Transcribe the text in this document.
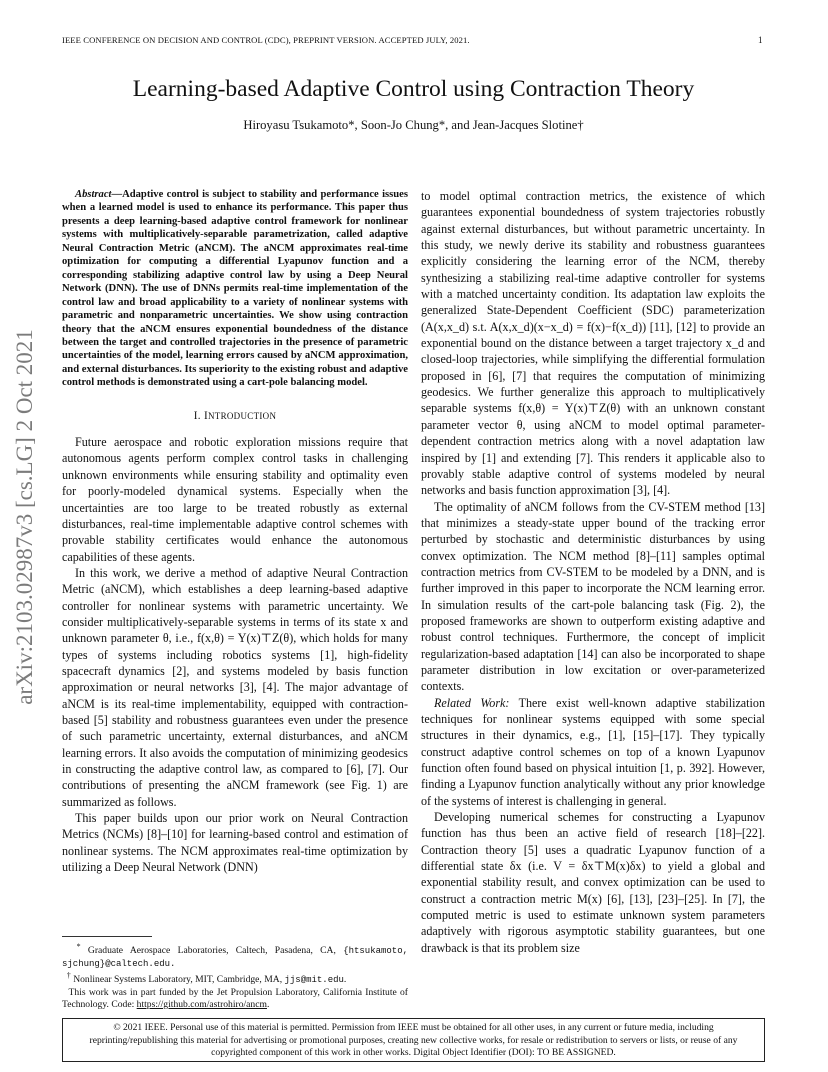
IEEE CONFERENCE ON DECISION AND CONTROL (CDC), PREPRINT VERSION. ACCEPTED JULY, 2021.	1
arXiv:2103.02987v3 [cs.LG] 2 Oct 2021
Learning-based Adaptive Control using Contraction Theory
Hiroyasu Tsukamoto*, Soon-Jo Chung*, and Jean-Jacques Slotine†

Abstract—Adaptive control is subject to stability and performance issues when a learned model is used to enhance its performance. This paper thus presents a deep learning-based adaptive control framework for nonlinear systems with multiplicatively-separable parametrization, called adaptive Neural Contraction Metric (aNCM). The aNCM approximates real-time optimization for computing a differential Lyapunov function and a corresponding stabilizing adaptive control law by using a Deep Neural Network (DNN). The use of DNNs permits real-time implementation of the control law and broad applicability to a variety of nonlinear systems with parametric and nonparametric uncertainties. We show using contraction theory that the aNCM ensures exponential boundedness of the distance between the target and controlled trajectories in the presence of parametric uncertainties of the model, learning errors caused by aNCM approximation, and external disturbances. Its superiority to the existing robust and adaptive control methods is demonstrated using a cart-pole balancing model.

I. INTRODUCTION

Future aerospace and robotic exploration missions require that autonomous agents perform complex control tasks in challenging unknown environments while ensuring stability and optimality even for poorly-modeled dynamical systems. Especially when the uncertainties are too large to be treated robustly as external disturbances, real-time implementable adaptive control schemes with provable stability certificates would enhance the autonomous capabilities of these agents.

In this work, we derive a method of adaptive Neural Contraction Metric (aNCM), which establishes a deep learning-based adaptive controller for nonlinear systems with parametric uncertainty. We consider multiplicatively-separable systems in terms of its state x and unknown parameter θ, i.e., f(x,θ) = Y(x)⊤Z(θ), which holds for many types of systems including robotics systems [1], high-fidelity spacecraft dynamics [2], and systems modeled by basis function approximation or neural networks [3], [4]. The major advantage of aNCM is its real-time implementability, equipped with contraction-based [5] stability and robustness guarantees even under the presence of such parametric uncertainty, external disturbances, and aNCM learning errors. It also avoids the computation of minimizing geodesics in constructing the adaptive control law, as compared to [6], [7]. Our contributions of presenting the aNCM framework (see Fig. 1) are summarized as follows.

This paper builds upon our prior work on Neural Contraction Metrics (NCMs) [8]–[10] for learning-based control and estimation of nonlinear systems. The NCM approximates real-time optimization by utilizing a Deep Neural Network (DNN)

* Graduate Aerospace Laboratories, Caltech, Pasadena, CA, {htsukamoto, sjchung}@caltech.edu.

† Nonlinear Systems Laboratory, MIT, Cambridge, MA, jjs@mit.edu.

This work was in part funded by the Jet Propulsion Laboratory, California Institute of Technology. Code: https://github.com/astrohiro/ancm.

to model optimal contraction metrics, the existence of which guarantees exponential boundedness of system trajectories robustly against external disturbances, but without parametric uncertainty. In this study, we newly derive its stability and robustness guarantees explicitly considering the learning error of the NCM, thereby synthesizing a stabilizing real-time adaptive controller for systems with a matched uncertainty condition. Its adaptation law exploits the generalized State-Dependent Coefficient (SDC) parameterization (A(x,x_d) s.t. A(x,x_d)(x−x_d) = f(x)−f(x_d)) [11], [12] to provide an exponential bound on the distance between a target trajectory x_d and closed-loop trajectories, while simplifying the differential formulation proposed in [6], [7] that requires the computation of minimizing geodesics. We further generalize this approach to multiplicatively separable systems f(x,θ) = Y(x)⊤Z(θ) with an unknown constant parameter vector θ, using aNCM to model optimal parameter-dependent contraction metrics along with a novel adaptation law inspired by [1] and extending [7]. This renders it applicable also to provably stable adaptive control of systems modeled by neural networks and basis function approximation [3], [4].

The optimality of aNCM follows from the CV-STEM method [13] that minimizes a steady-state upper bound of the tracking error perturbed by stochastic and deterministic disturbances by using convex optimization. The NCM method [8]–[11] samples optimal contraction metrics from CV-STEM to be modeled by a DNN, and is further improved in this paper to incorporate the NCM learning error. In simulation results of the cart-pole balancing task (Fig. 2), the proposed frameworks are shown to outperform existing adaptive and robust control techniques. Furthermore, the concept of implicit regularization-based adaptation [14] can also be incorporated to shape parameter distribution in low excitation or over-parameterized contexts.

Related Work: There exist well-known adaptive stabilization techniques for nonlinear systems equipped with some special structures in their dynamics, e.g., [1], [15]–[17]. They typically construct adaptive control schemes on top of a known Lyapunov function often found based on physical intuition [1, p. 392]. However, finding a Lyapunov function analytically without any prior knowledge of the systems of interest is challenging in general.

Developing numerical schemes for constructing a Lyapunov function has thus been an active field of research [18]–[22]. Contraction theory [5] uses a quadratic Lyapunov function of a differential state δx (i.e. V = δx⊤M(x)δx) to yield a global and exponential stability result, and convex optimization can be used to construct a contraction metric M(x) [6], [13], [23]–[25]. In [7], the computed metric is used to estimate unknown system parameters adaptively with rigorous asymptotic stability guarantees, but one drawback is that its problem size

© 2021 IEEE. Personal use of this material is permitted. Permission from IEEE must be obtained for all other uses, in any current or future media, including reprinting/republishing this material for advertising or promotional purposes, creating new collective works, for resale or redistribution to servers or lists, or reuse of any copyrighted component of this work in other works. Digital Object Identifier (DOI): TO BE ASSIGNED.
